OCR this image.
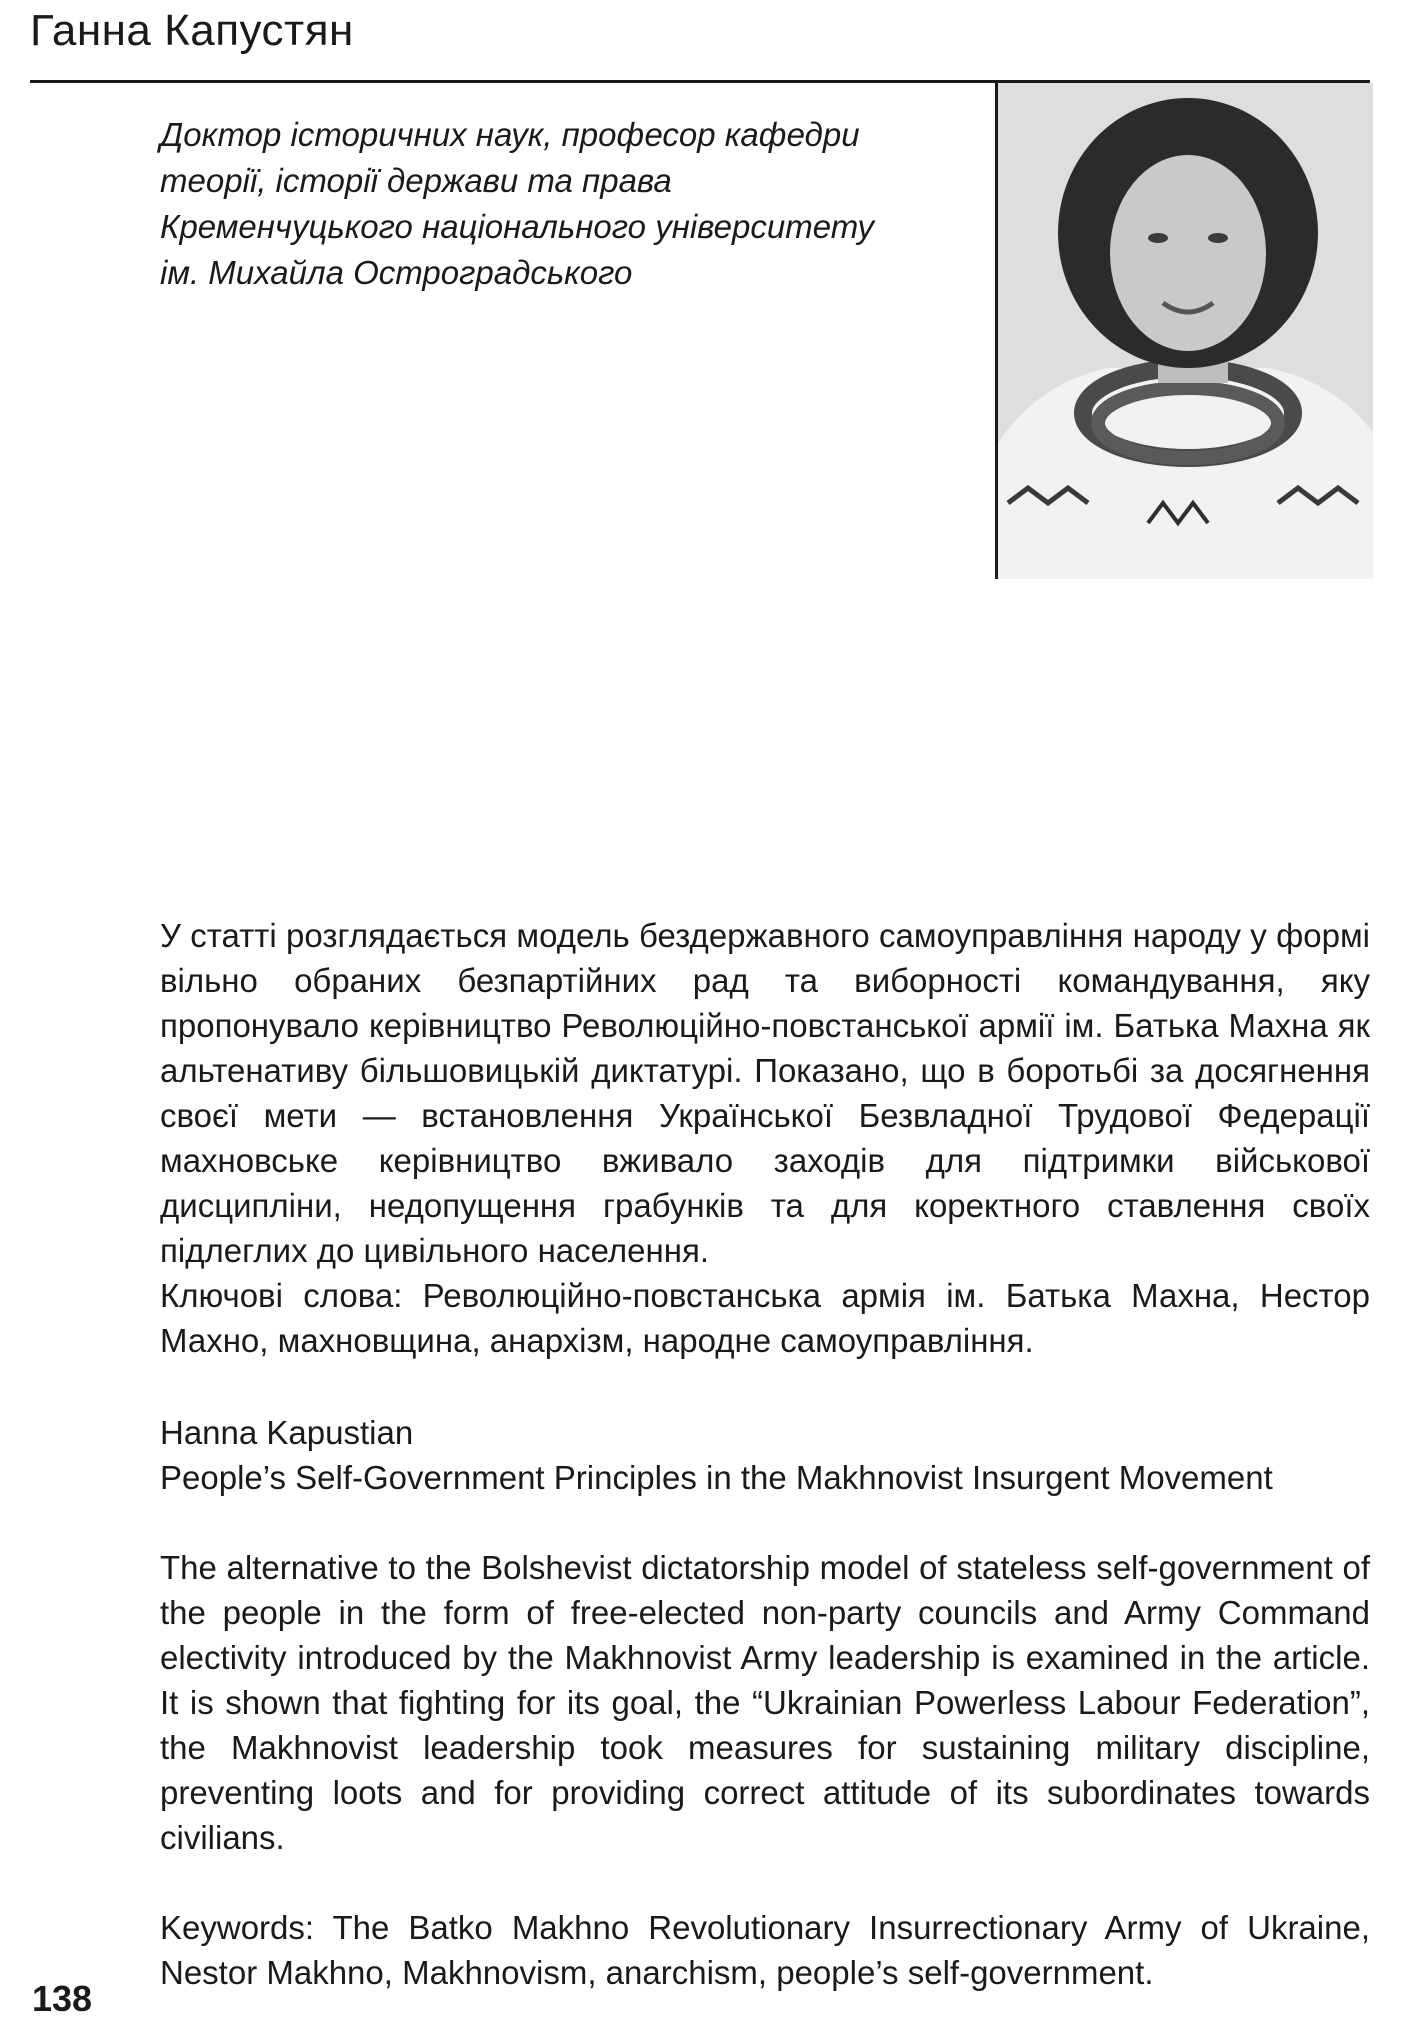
Ганна Капустян
Доктор історичних наук, професор кафедри теорії, історії держави та права Кременчуцького національного університету ім. Михайла Остроградського
У статті розглядається модель бездержавного самоуправління народу у формі вільно обраних безпартійних рад та виборності командування, яку пропонувало керівництво Революційно-повстанської армії ім. Батька Махна як альтенативу більшовицькій диктатурі. Показано, що в боротьбі за досягнення своєї мети — встановлення Української Безвладної Трудової Федерації махновське керівництво вживало заходів для підтримки військової дисципліни, недопущення грабунків та для коректного ставлення своїх підлеглих до цивільного населення.
Ключові слова: Революційно-повстанська армія ім. Батька Махна, Нестор Махно, махновщина, анархізм, народне самоуправління.
Hanna Kapustian
People’s Self-Government Principles in the Makhnovist Insurgent Movement
The alternative to the Bolshevist dictatorship model of stateless self-government of the people in the form of free-elected non-party councils and Army Command electivity introduced by the Makhnovist Army leadership is examined in the article. It is shown that fighting for its goal, the “Ukrainian Powerless Labour Federation”, the Makhnovist leadership took measures for sustaining military discipline, preventing loots and for providing correct attitude of its subordinates towards civilians.
Keywords: The Batko Makhno Revolutionary Insurrectionary Army of Ukraine, Nestor Makhno, Makhnovism, anarchism, people’s self-government.
138
